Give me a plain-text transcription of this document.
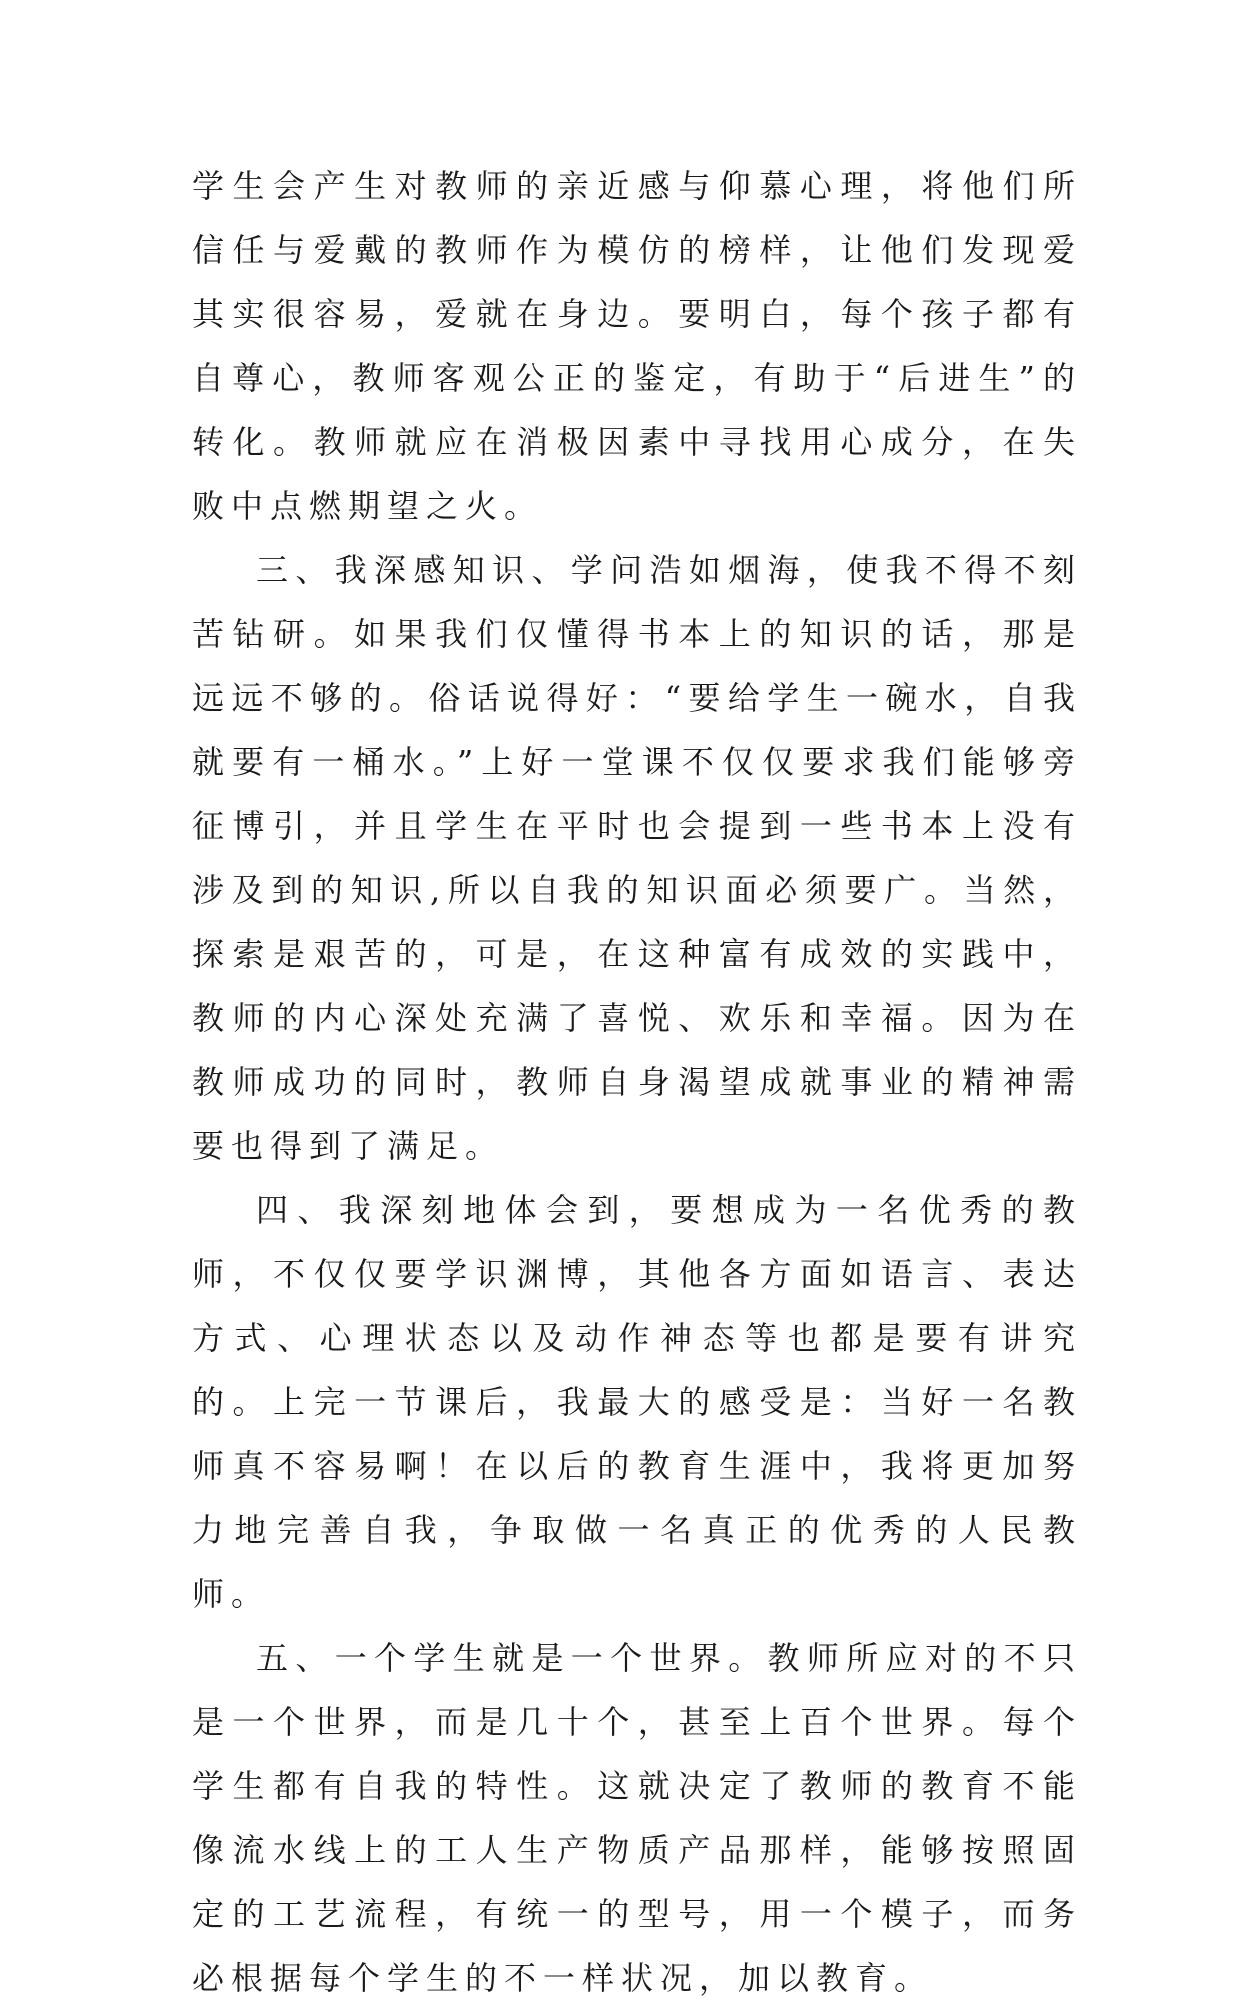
学生会产生对教师的亲近感与仰慕心理，将他们所信任与爱戴的教师作为模仿的榜样，让他们发现爱其实很容易，爱就在身边。要明白，每个孩子都有自尊心，教师客观公正的鉴定，有助于“后进生”的转化。教师就应在消极因素中寻找用心成分，在失败中点燃期望之火。

三、我深感知识、学问浩如烟海，使我不得不刻苦钻研。如果我们仅懂得书本上的知识的话，那是远远不够的。俗话说得好：“要给学生一碗水，自我就要有一桶水。”上好一堂课不仅仅要求我们能够旁征博引，并且学生在平时也会提到一些书本上没有涉及到的知识,所以自我的知识面必须要广。当然，探索是艰苦的，可是，在这种富有成效的实践中，教师的内心深处充满了喜悦、欢乐和幸福。因为在教师成功的同时，教师自身渴望成就事业的精神需要也得到了满足。

四、我深刻地体会到，要想成为一名优秀的教师，不仅仅要学识渊博，其他各方面如语言、表达方式、心理状态以及动作神态等也都是要有讲究的。上完一节课后，我最大的感受是：当好一名教师真不容易啊！在以后的教育生涯中，我将更加努力地完善自我，争取做一名真正的优秀的人民教师。

五、一个学生就是一个世界。教师所应对的不只是一个世界，而是几十个，甚至上百个世界。每个学生都有自我的特性。这就决定了教师的教育不能像流水线上的工人生产物质产品那样，能够按照固定的工艺流程，有统一的型号，用一个模子，而务必根据每个学生的不一样状况，加以教育。
